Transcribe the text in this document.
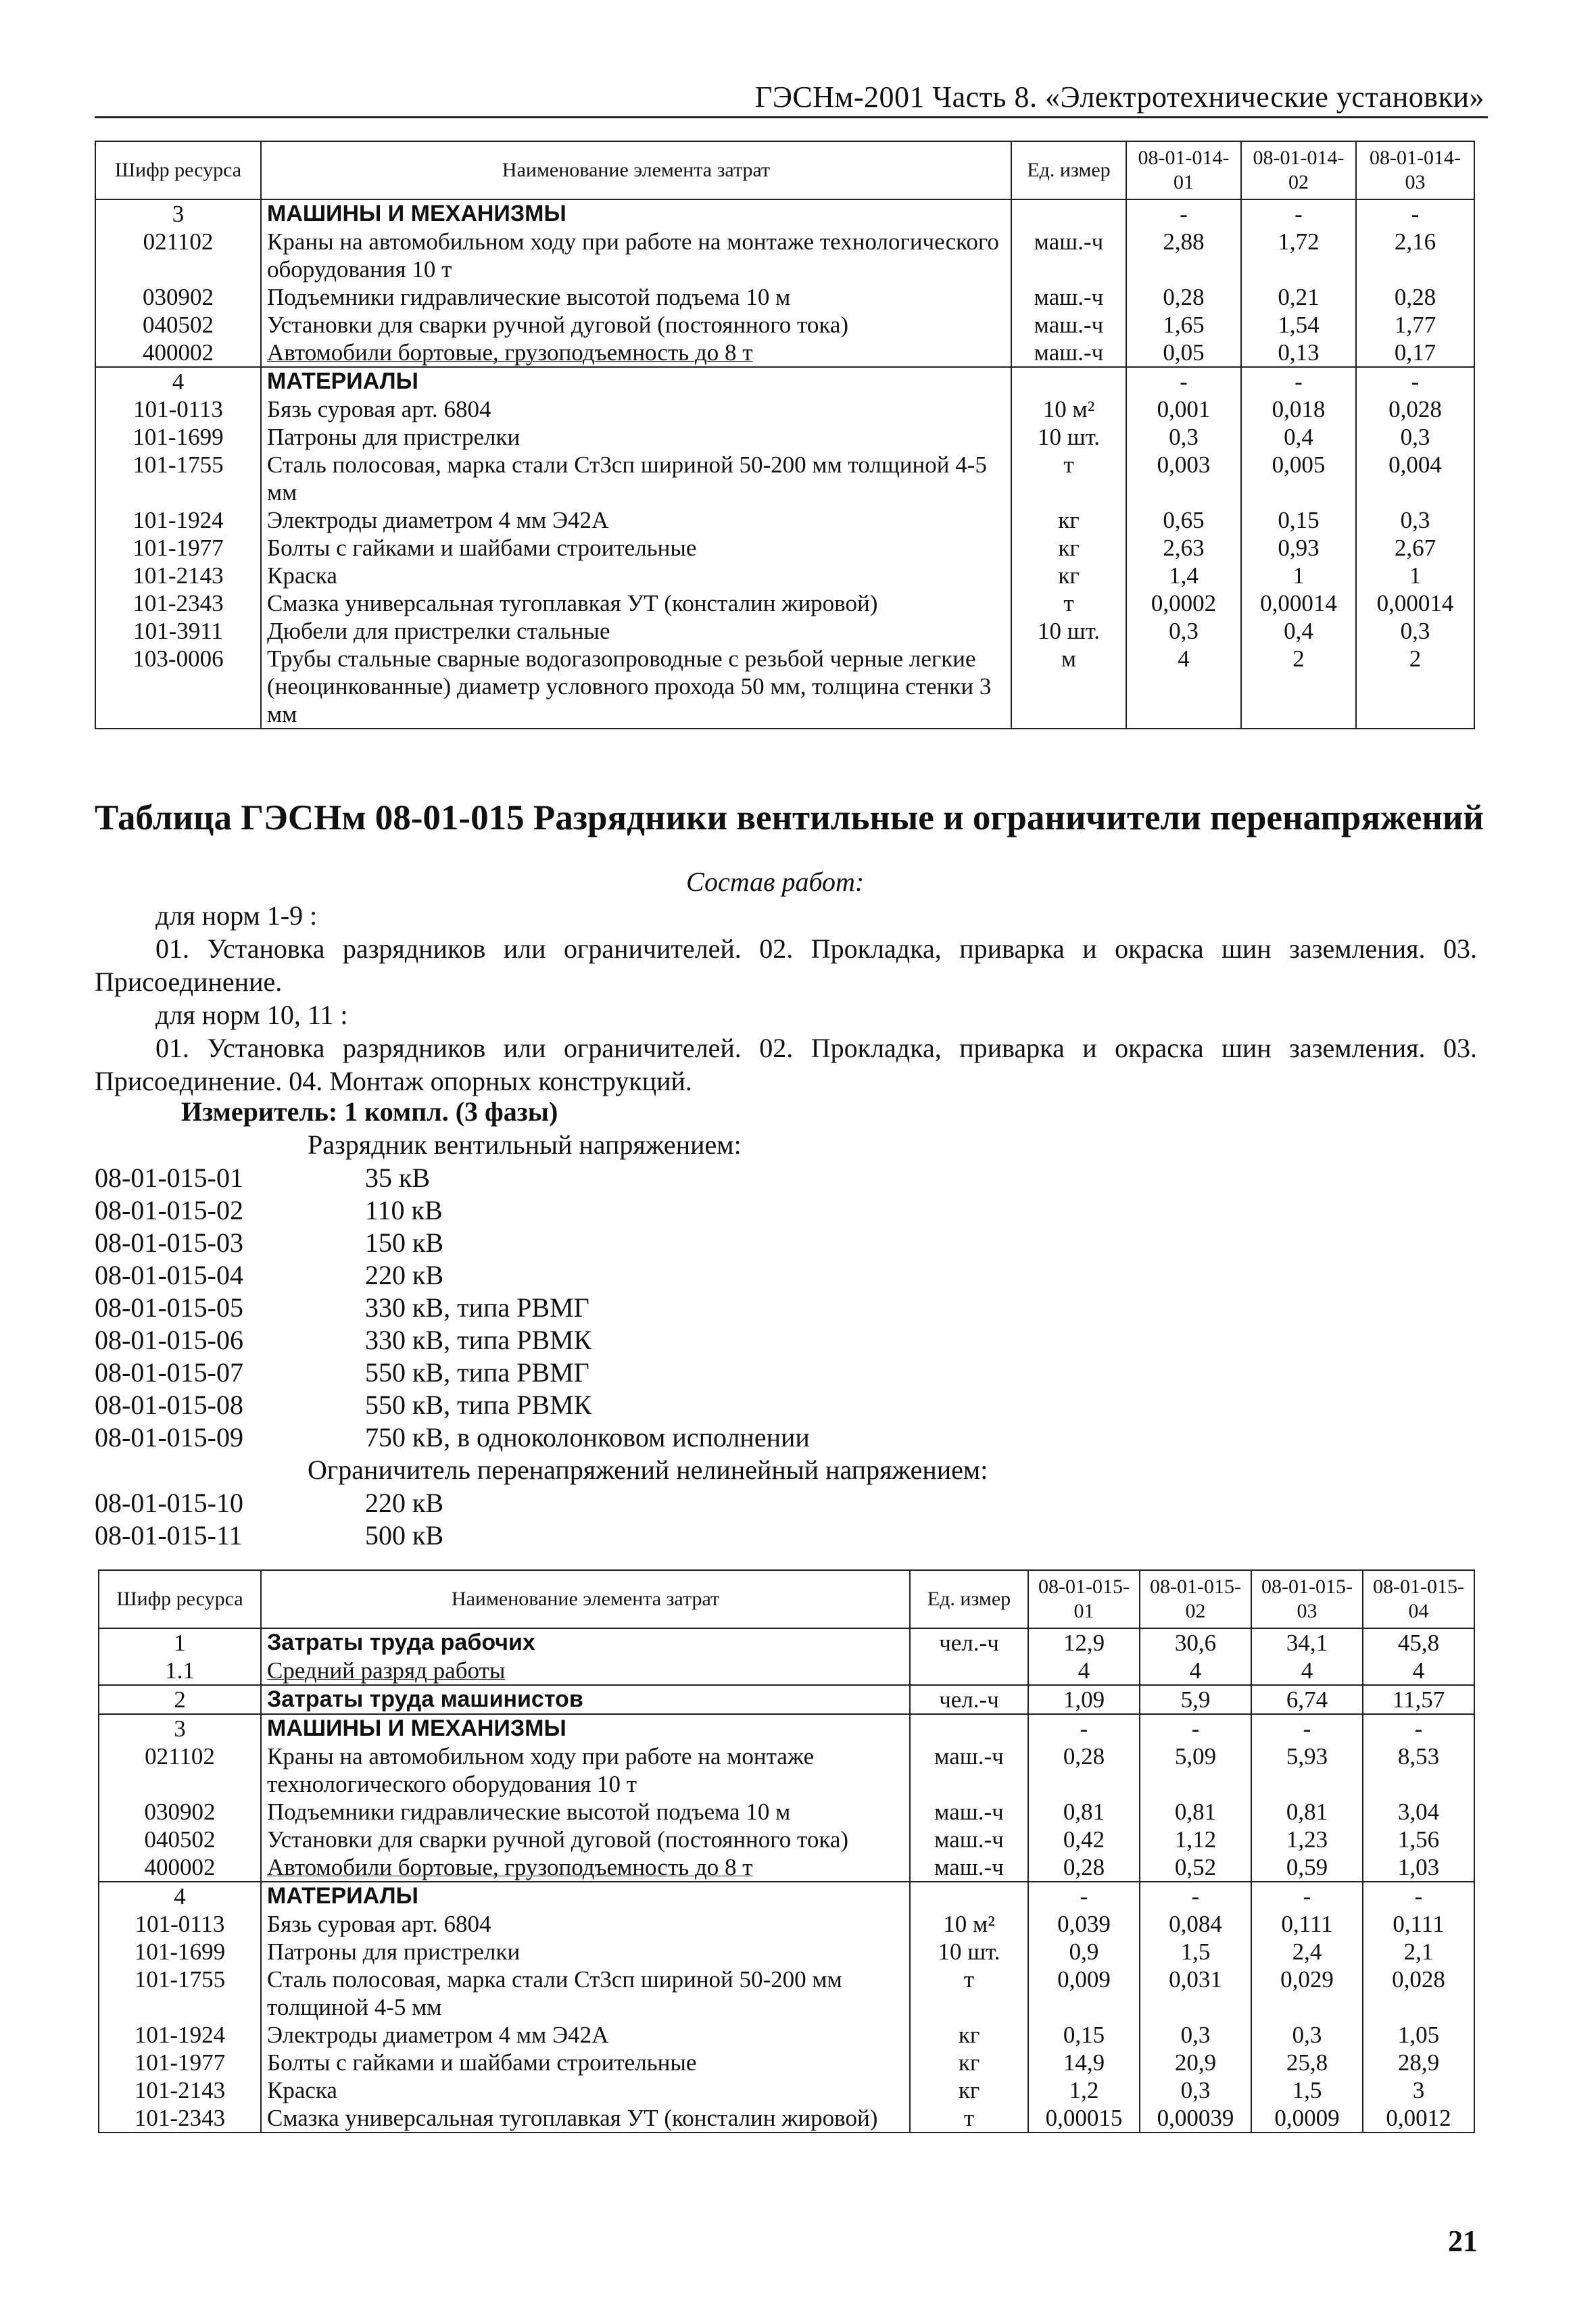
ГЭСНм-2001 Часть 8. «Электротехнические установки»
Шифр ресурса	Наименование элемента затрат	Ед. измер	08-01-014-01	08-01-014-02	08-01-014-03
3	МАШИНЫ И МЕХАНИЗМЫ		-	-	-
021102	Краны на автомобильном ходу при работе на монтаже технологического оборудования 10 т	маш.-ч	2,88	1,72	2,16
030902	Подъемники гидравлические высотой подъема 10 м	маш.-ч	0,28	0,21	0,28
040502	Установки для сварки ручной дуговой (постоянного тока)	маш.-ч	1,65	1,54	1,77
400002	Автомобили бортовые, грузоподъемность до 8 т	маш.-ч	0,05	0,13	0,17
4	МАТЕРИАЛЫ		-	-	-
101-0113	Бязь суровая арт. 6804	10 м²	0,001	0,018	0,028
101-1699	Патроны для пристрелки	10 шт.	0,3	0,4	0,3
101-1755	Сталь полосовая, марка стали Ст3сп шириной 50-200 мм толщиной 4-5 мм	т	0,003	0,005	0,004
101-1924	Электроды диаметром 4 мм Э42А	кг	0,65	0,15	0,3
101-1977	Болты с гайками и шайбами строительные	кг	2,63	0,93	2,67
101-2143	Краска	кг	1,4	1	1
101-2343	Смазка универсальная тугоплавкая УТ (консталин жировой)	т	0,0002	0,00014	0,00014
101-3911	Дюбели для пристрелки стальные	10 шт.	0,3	0,4	0,3
103-0006	Трубы стальные сварные водогазопроводные с резьбой черные легкие (неоцинкованные) диаметр условного прохода 50 мм, толщина стенки 3 мм	м	4	2	2
Таблица ГЭСНм 08-01-015 Разрядники вентильные и ограничители перенапряжений
Состав работ:
для норм 1-9 :
01. Установка разрядников или ограничителей. 02. Прокладка, приварка и окраска шин заземления. 03. Присоединение.
для норм 10, 11 :
01. Установка разрядников или ограничителей. 02. Прокладка, приварка и окраска шин заземления. 03. Присоединение. 04. Монтаж опорных конструкций.
Измеритель: 1 компл. (3 фазы)
Разрядник вентильный напряжением:
08-01-015-01	35 кВ
08-01-015-02	110 кВ
08-01-015-03	150 кВ
08-01-015-04	220 кВ
08-01-015-05	330 кВ, типа РВМГ
08-01-015-06	330 кВ, типа РВМК
08-01-015-07	550 кВ, типа РВМГ
08-01-015-08	550 кВ, типа РВМК
08-01-015-09	750 кВ, в одноколонковом исполнении
Ограничитель перенапряжений нелинейный напряжением:
08-01-015-10	220 кВ
08-01-015-11	500 кВ
Шифр ресурса	Наименование элемента затрат	Ед. измер	08-01-015-01	08-01-015-02	08-01-015-03	08-01-015-04
1	Затраты труда рабочих	чел.-ч	12,9	30,6	34,1	45,8
1.1	Средний разряд работы		4	4	4	4
2	Затраты труда машинистов	чел.-ч	1,09	5,9	6,74	11,57
3	МАШИНЫ И МЕХАНИЗМЫ		-	-	-	-
021102	Краны на автомобильном ходу при работе на монтаже технологического оборудования 10 т	маш.-ч	0,28	5,09	5,93	8,53
030902	Подъемники гидравлические высотой подъема 10 м	маш.-ч	0,81	0,81	0,81	3,04
040502	Установки для сварки ручной дуговой (постоянного тока)	маш.-ч	0,42	1,12	1,23	1,56
400002	Автомобили бортовые, грузоподъемность до 8 т	маш.-ч	0,28	0,52	0,59	1,03
4	МАТЕРИАЛЫ		-	-	-	-
101-0113	Бязь суровая арт. 6804	10 м²	0,039	0,084	0,111	0,111
101-1699	Патроны для пристрелки	10 шт.	0,9	1,5	2,4	2,1
101-1755	Сталь полосовая, марка стали Ст3сп шириной 50-200 мм толщиной 4-5 мм	т	0,009	0,031	0,029	0,028
101-1924	Электроды диаметром 4 мм Э42А	кг	0,15	0,3	0,3	1,05
101-1977	Болты с гайками и шайбами строительные	кг	14,9	20,9	25,8	28,9
101-2143	Краска	кг	1,2	0,3	1,5	3
101-2343	Смазка универсальная тугоплавкая УТ (консталин жировой)	т	0,00015	0,00039	0,0009	0,0012
21
